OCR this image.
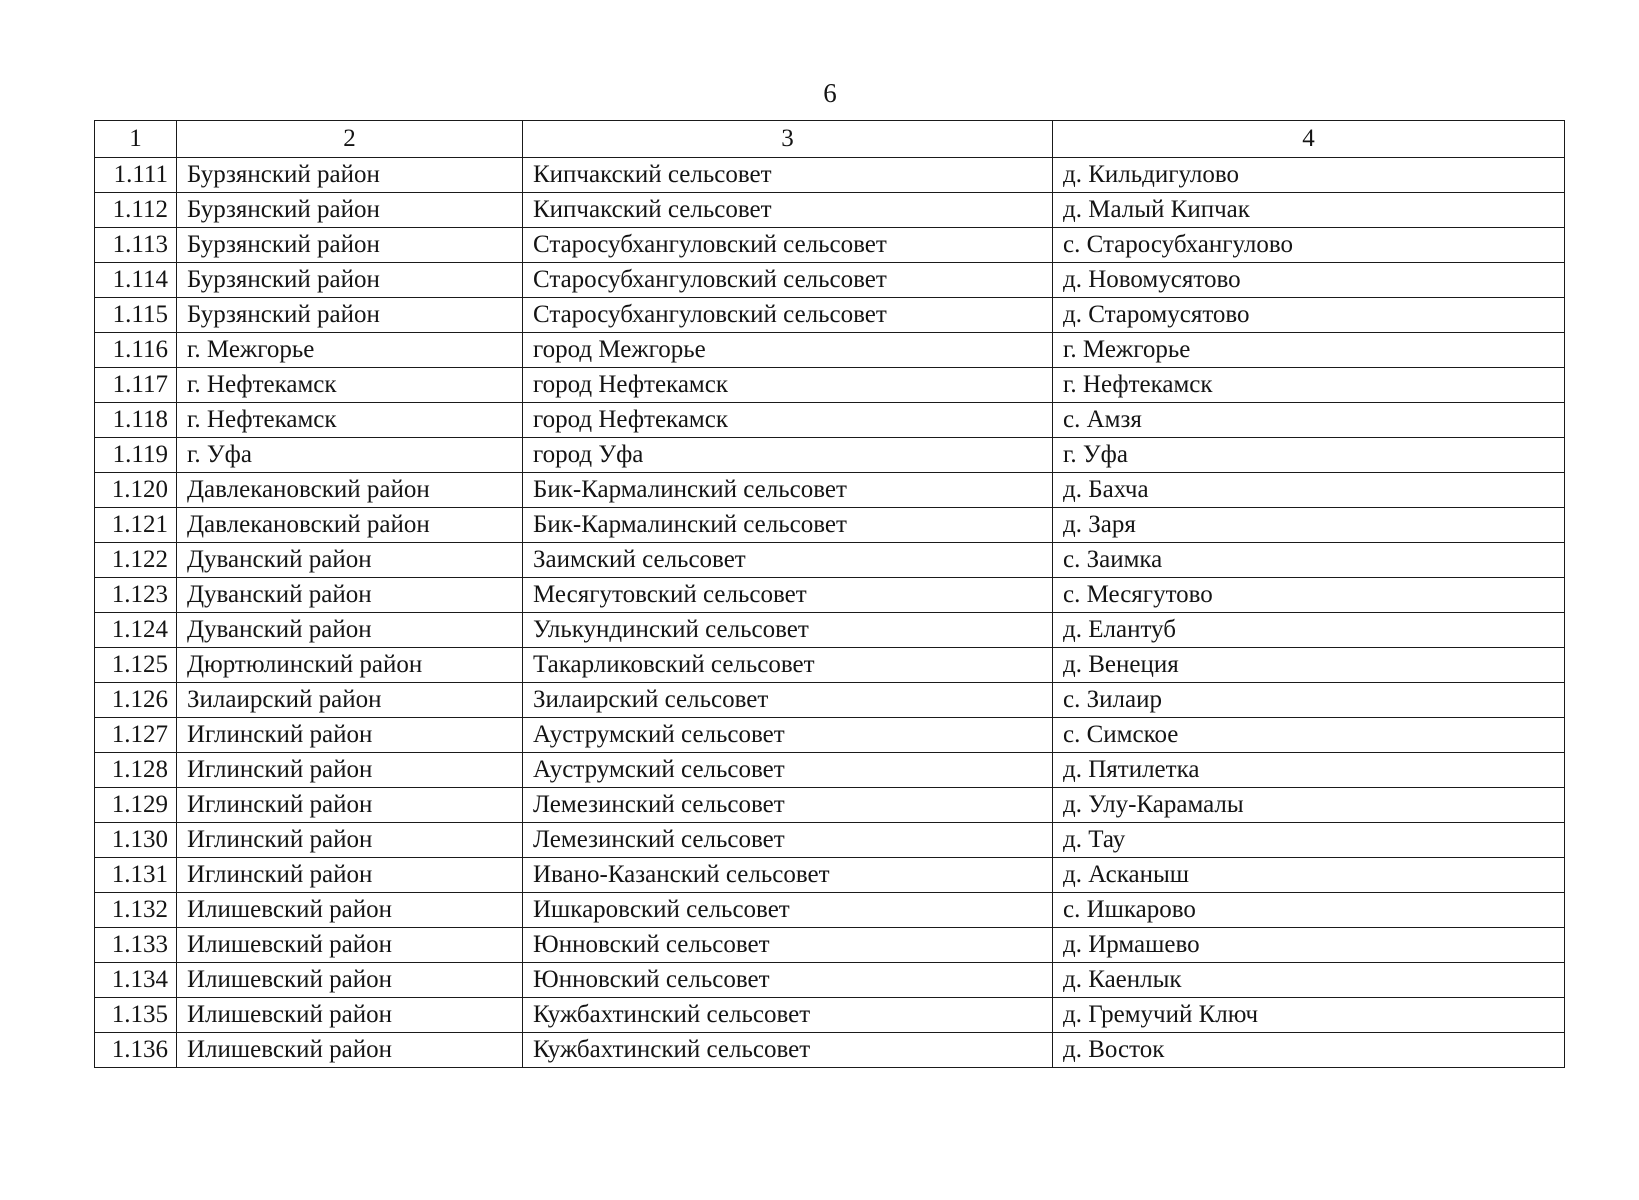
6
1	2	3	4
1.111	Бурзянский район	Кипчакский сельсовет	д. Кильдигулово
1.112	Бурзянский район	Кипчакский сельсовет	д. Малый Кипчак
1.113	Бурзянский район	Старосубхангуловский сельсовет	с. Старосубхангулово
1.114	Бурзянский район	Старосубхангуловский сельсовет	д. Новомусятово
1.115	Бурзянский район	Старосубхангуловский сельсовет	д. Старомусятово
1.116	г. Межгорье	город Межгорье	г. Межгорье
1.117	г. Нефтекамск	город Нефтекамск	г. Нефтекамск
1.118	г. Нефтекамск	город Нефтекамск	с. Амзя
1.119	г. Уфа	город Уфа	г. Уфа
1.120	Давлекановский район	Бик-Кармалинский сельсовет	д. Бахча
1.121	Давлекановский район	Бик-Кармалинский сельсовет	д. Заря
1.122	Дуванский район	Заимский сельсовет	с. Заимка
1.123	Дуванский район	Месягутовский сельсовет	с. Месягутово
1.124	Дуванский район	Улькундинский сельсовет	д. Елантуб
1.125	Дюртюлинский район	Такарликовский сельсовет	д. Венеция
1.126	Зилаирский район	Зилаирский сельсовет	с. Зилаир
1.127	Иглинский район	Ауструмский сельсовет	с. Симское
1.128	Иглинский район	Ауструмский сельсовет	д. Пятилетка
1.129	Иглинский район	Лемезинский сельсовет	д. Улу-Карамалы
1.130	Иглинский район	Лемезинский сельсовет	д. Тау
1.131	Иглинский район	Ивано-Казанский сельсовет	д. Асканыш
1.132	Илишевский район	Ишкаровский сельсовет	с. Ишкарово
1.133	Илишевский район	Юнновский сельсовет	д. Ирмашево
1.134	Илишевский район	Юнновский сельсовет	д. Каенлык
1.135	Илишевский район	Кужбахтинский сельсовет	д. Гремучий Ключ
1.136	Илишевский район	Кужбахтинский сельсовет	д. Восток
